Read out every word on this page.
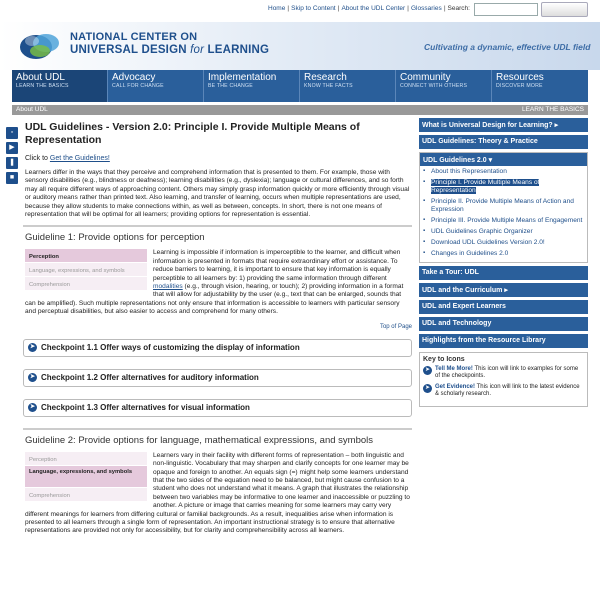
Home | Skip to Content | About the UDL Center | Glossaries | Search:
NATIONAL CENTER ON
UNIVERSAL DESIGN for LEARNING	Cultivating a dynamic, effective UDL field
About UDL
LEARN THE BASICS
Advocacy
CALL FOR CHANGE
Implementation
BE THE CHANGE
Research
KNOW THE FACTS
Community
CONNECT WITH OTHERS
Resources
DISCOVER MORE
About UDL	LEARN THE BASICS
▫
▶
❚
■
UDL Guidelines - Version 2.0: Principle I. Provide Multiple Means of Representation
Click to Get the Guidelines!
Learners differ in the ways that they perceive and comprehend information that is presented to them. For example, those with sensory disabilities (e.g., blindness or deafness); learning disabilities (e.g., dyslexia); language or cultural differences, and so forth may all require different ways of approaching content. Others may simply grasp information quickly or more efficiently through visual or auditory means rather than printed text. Also learning, and transfer of learning, occurs when multiple representations are used, because they allow students to make connections within, as well as between, concepts. In short, there is not one means of representation that will be optimal for all learners; providing options for representation is essential.
Guideline 1: Provide options for perception
Perception
Language, expressions, and symbols
Comprehension
Learning is impossible if information is imperceptible to the learner, and difficult when information is presented in formats that require extraordinary effort or assistance. To reduce barriers to learning, it is important to ensure that key information is equally perceptible to all learners by: 1) providing the same information through different modalities (e.g., through vision, hearing, or touch); 2) providing information in a format that will allow for adjustability by the user (e.g., text that can be enlarged, sounds that can be amplified). Such multiple representations not only ensure that information is accessible to learners with particular sensory and perceptual disabilities, but also easier to access and comprehend for many others.
Top of Page
➤ Checkpoint 1.1 Offer ways of customizing the display of information
➤ Checkpoint 1.2 Offer alternatives for auditory information
➤ Checkpoint 1.3 Offer alternatives for visual information
Guideline 2: Provide options for language, mathematical expressions, and symbols
Perception
Language, expressions, and symbols
Comprehension
Learners vary in their facility with different forms of representation – both linguistic and non-linguistic. Vocabulary that may sharpen and clarify concepts for one learner may be opaque and foreign to another. An equals sign (=) might help some learners understand that the two sides of the equation need to be balanced, but might cause confusion to a student who does not understand what it means. A graph that illustrates the relationship between two variables may be informative to one learner and inaccessible or puzzling to another. A picture or image that carries meaning for some learners may carry very different meanings for learners from differing cultural or familial backgrounds. As a result, inequalities arise when information is presented to all learners through a single form of representation. An important instructional strategy is to ensure that alternative representations are provided not only for accessibility, but for clarity and comprehensibility across all learners.
What is Universal Design for Learning? ▸
UDL Guidelines: Theory & Practice
UDL Guidelines 2.0 ▾
▪ About this Representation
▪ Principle I. Provide Multiple Means of Representation
▪ Principle II. Provide Multiple Means of Action and Expression
▪ Principle III. Provide Multiple Means of Engagement
▪ UDL Guidelines Graphic Organizer
▪ Download UDL Guidelines Version 2.0!
▪ Changes in Guidelines 2.0
Take a Tour: UDL
UDL and the Curriculum ▸
UDL and Expert Learners
UDL and Technology
Highlights from the Resource Library
Key to Icons
➤ Tell Me More! This icon will link to examples for some of the checkpoints.
➤ Get Evidence! This icon will link to the latest evidence & scholarly research.
